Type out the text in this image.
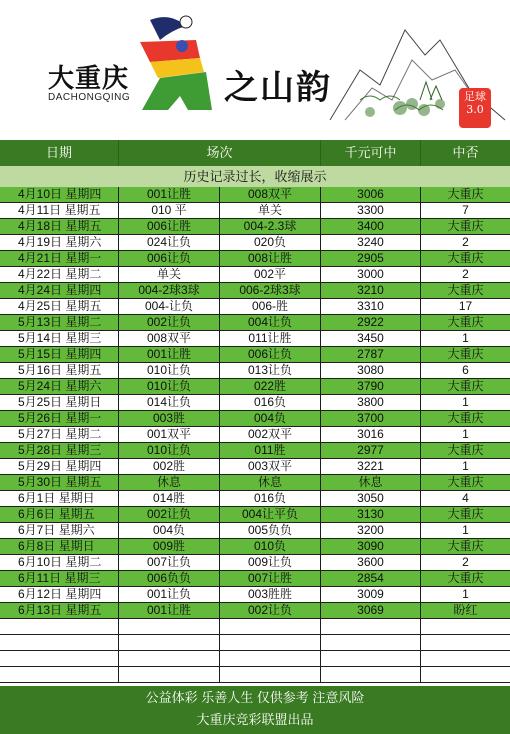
大重庆
DACHONGQING	之山韵	足球 3.0
日期	场次	千元可中	中否
历史记录过长，收缩展示
4月10日 星期四	001让胜	008双平	3006	大重庆
4月11日 星期五	010 平	单关	3300	7
4月18日 星期五	006让胜	004-2.3球	3400	大重庆
4月19日 星期六	024让负	020负	3240	2
4月21日 星期一	006让负	008让胜	2905	大重庆
4月22日 星期二	单关	002平	3000	2
4月24日 星期四	004-2球3球	006-2球3球	3210	大重庆
4月25日 星期五	004-让负	006-胜	3310	17
5月13日 星期二	002让负	004让负	2922	大重庆
5月14日 星期三	008双平	011让胜	3450	1
5月15日 星期四	001让胜	006让负	2787	大重庆
5月16日 星期五	010让负	013让负	3080	6
5月24日 星期六	010让负	022胜	3790	大重庆
5月25日 星期日	014让负	016负	3800	1
5月26日 星期一	003胜	004负	3700	大重庆
5月27日 星期二	001双平	002双平	3016	1
5月28日 星期三	010让负	011胜	2977	大重庆
5月29日 星期四	002胜	003双平	3221	1
5月30日 星期五	休息	休息	休息	大重庆
6月1日 星期日	014胜	016负	3050	4
6月6日 星期五	002让负	004让平负	3130	大重庆
6月7日 星期六	004负	005负负	3200	1
6月8日 星期日	009胜	010负	3090	大重庆
6月10日 星期二	007让负	009让负	3600	2
6月11日 星期三	006负负	007让胜	2854	大重庆
6月12日 星期四	001让负	003胜胜	3009	1
6月13日 星期五	001让胜	002让负	3069	盼红
公益体彩 乐善人生 仅供参考 注意风险
大重庆竞彩联盟出品
